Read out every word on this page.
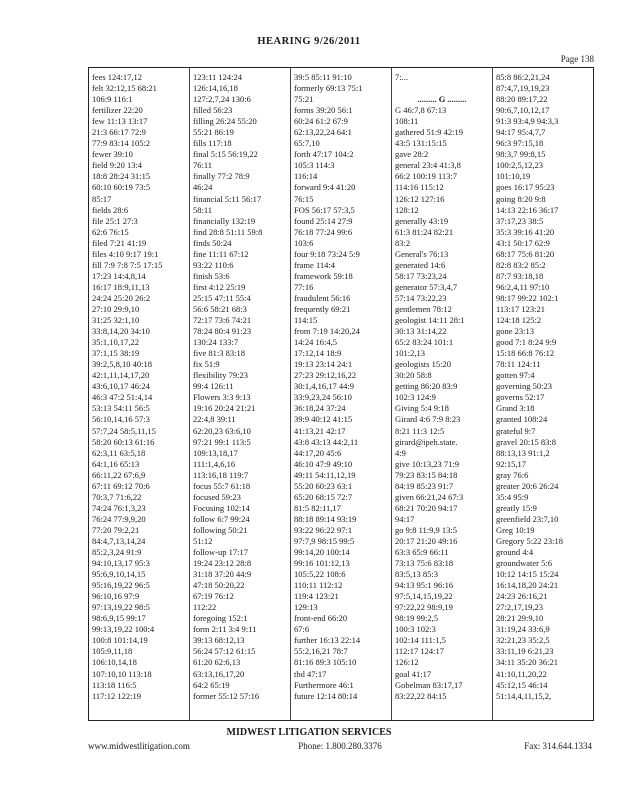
HEARING 9/26/2011
Page 138
fees 124:17,12
felt 32:12,15 68:21
106:9 116:1
fertilizer 22:20
few 11:13 13:17
21:3 66:17 72:9
77:9 83:14 105:2
fewer 39:10
field 9:20 13:4
18:8 28:24 31:15
60:10 60:19 73:5
85:17
fields 28:6
file 25:1 27:3
62:6 76:15
filed 7:21 41:19
files 4:10 9:17 19:1
fill 7:9 7:8 7:5 17:15
17:23 14:4,8,14
16:17 18:9,11,13
24:24 25:20 26:2
27:10 29:9,10
31:25 32:1,10
33:8,14,20 34:10
35:1,10,17,22
37:1,15 38:19
39:2,5,8,10 40:18
42:1,11,14,17,20
43:6,10,17 46:24
46:3 47:2 51:4,14
53:13 54:11 56:5
56:10,14,16 57:3
57:7,24 58:5,11,15
58:20 60:13 61:16
62:3,11 63:5,18
64:1,16 65:13
66:11,22 67:6,9
67:11 69:12 70:6
70:3,7 71:6,22
74:24 76:1,3,23
76:24 77:9,9,20
77:20 79:2,21
84:4,7,13,14,24
85:2,3,24 91:9
94:10,13,17 95:3
95:6,9,10,14,15
95:16,19,22 96:5
96:10,16 97:9
97:13,19,22 98:5
98:6,9,15 99:17
99:13,19,22 100:4
100:8 101:14,19
105:9,11,18
106:10,14,18
107:10,10 113:18
113:18 116:5
117:12 122:19
123:11 124:24
126:14,16,18
127:2,7,24 130:6
filled 56:23
filling 26:24 55:20
55:21 86:19
fills 117:18
final 5:15 56:19,22
76:11
finally 77:2 78:9
46:24
financial 5:11 56:17
58:11
financially 132:19
find 28:8 51:11 59:8
finds 50:24
fine 11:11 67:12
93:22 110:6
finish 53:6
first 4:12 25:19
25:15 47:11 55:4
56:6 58:21 68:3
72:17 73:6 74:21
78:24 80:4 91:23
130:24 133:7
five 81:3 83:18
fix 51:9
flexibility 79:23
99:4 126:11
Flowers 3:3 9:13
19:16 20:24 21:21
22:4,8 39:11
62:20,23 63:6,10
97:21 99:1 113:5
109:13,18,17
111:1,4,6,16
113:16,18 119:7
focus 55:7 61:18
focused 59:23
Focusing 102:14
follow 6:7 99:24
following 50:21
51:12
follow-up 17:17
19:24 23:12 28:8
31:18 37:20 44:9
47:18 50:20,22
67:19 76:12
112:22
foregoing 152:1
form 2:11 3:4 9:11
39:13 68:12,13
56:24 57:12 61:15
61:20 62:6,13
63:13,16,17,20
64:2 65:19
former 55:12 57:16
39:5 85:11 91:10
formerly 69:13 75:1
75:21
forms 39:20 56:1
60:24 61:2 67:9
62:13,22,24 64:1
65:7,10
forth 47:17 104:2
105:3 114:3
116:14
forward 9:4 41:20
76:15
FOS 56:17 57:3,5
found 25:14 27:9
76:18 77:24 99:6
103:6
four 9:18 73:24 5:9
frame 114:4
framework 59:18
77:16
fraudulent 56:16
frequently 69:21
114:15
from 7:19 14:20,24
14:24 16:4,5
17:12,14 18:9
19:13 23:14 24:1
27:23 29:12,16,22
30:1,4,16,17 44:9
33:9,23,24 56:10
36:18,24 37:24
39:9 40:12 41:15
41:13,21 42:17
43:8 43:13 44:2,11
44:17,20 45:6
46:10 47:9 49:10
49:11 54:11,12,19
55:20 60:23 63:1
65:20 68:15 72:7
81:5 82:11,17
88:18 89:14 93:19
93:22 96:22 97:1
97:7,9 98:15 99:5
99:14,20 100:14
99:16 101:12,13
105:5,22 108:6
110:11 112:12
119:4 123:21
129:13
front-end 66:20
67:6
further 16:13 22:14
55:2,16,21 78:7
81:16 89:3 105:10
tbd 47:17
Furthermore 46:1
future 12:14 80:14
7:...

......... G .........
G 46:7,8 67:13
108:11
gathered 51:9 42:19
43:5 131:15:15
gave 28:2
general 23:4 41:3,8
66:2 100:19 113:7
114:16 115:12
126:12 127:16
128:12
generally 43:19
61:3 81:24 82:21
83:2
General's 76:13
generated 14:6
58:17 73:23,24
generator 57:3,4,7
57:14 73:22,23
gentlemen 78:12
geologist 14:11 28:1
30:13 31:14,22
65:2 83:24 101:1
101:2,13
geologists 15:20
30:20 58:8
getting 86:20 83:9
102:3 124:9
Giving 5:4 9:18
Girard 4:6 7:9 8:23
8:21 11:3 12:5
girard@ipeh.state.
4:9
give 10:13,23 71:9
79:23 83:15 84:18
84:19 85:23 91:7
given 66:21,24 67:3
68:21 70:20 94:17
94:17
go 9:8 11:9,9 13:5
20:17 21:20 49:16
63:3 65:9 66:11
73:13 75:6 83:18
83:5,13 85:3
94:13 95:1 96:16
97:5,14,15,19,22
97:22,22 98:9,19
98:19 99:2,5
100:3 102:3
102:14 111:1,5
112:17 124:17
126:12
goal 41:17
Gobelman 83:17,17
83:22,22 84:15
85:8 86:2,21,24
87:4,7,19,19,23
88:20 89:17,22
90:6,7,10,12,17
91:3 93:4,9 94:3,3
94:17 95:4,7,7
96:3 97:15,18
98:3,7 99:8,15
100:2,5,12,23
101:10,19
goes 16:17 95:23
going 8:20 9:8
14:13 22:16 36:17
37:17,23 38:5
35:3 39:16 41:20
43:1 50:17 62:9
68:17 75:6 81:20
82:8 83:2 85:2
87:7 93:18,18
96:2,4,11 97:10
98:17 99:22 102:1
113:17 123:21
124:18 125:2
gone 23:13
good 7:1 8:24 9:9
15:18 66:8 76:12
78:11 124:11
gotten 97:4
governing 50:23
governs 52:17
Grand 3:18
granted 108:24
grateful 9:7
gravel 20:15 83:8
88:13,13 91:1,2
92:15,17
gray 76:6
greater 20:6 26:24
35:4 95:9
greatly 15:9
greenfield 23:7,10
Greg 10:19
Gregory 5:22 23:18
ground 4:4
groundwater 5:6
10:12 14:15 15:24
16:14,18,20 24:21
24:23 26:16,21
27:2,17,19,23
28:21 29:9,10
31:19,24 33:6,9
32:21,23 35:2,5
33:11,19 6:21,23
34:11 35:20 36:21
41:10,11,20,22
45:12,15 46:14
51:14,4,11,15,2,
MIDWEST LITIGATION SERVICES
www.midwestlitigation.com	Phone: 1.800.280.3376	Fax: 314.644.1334
